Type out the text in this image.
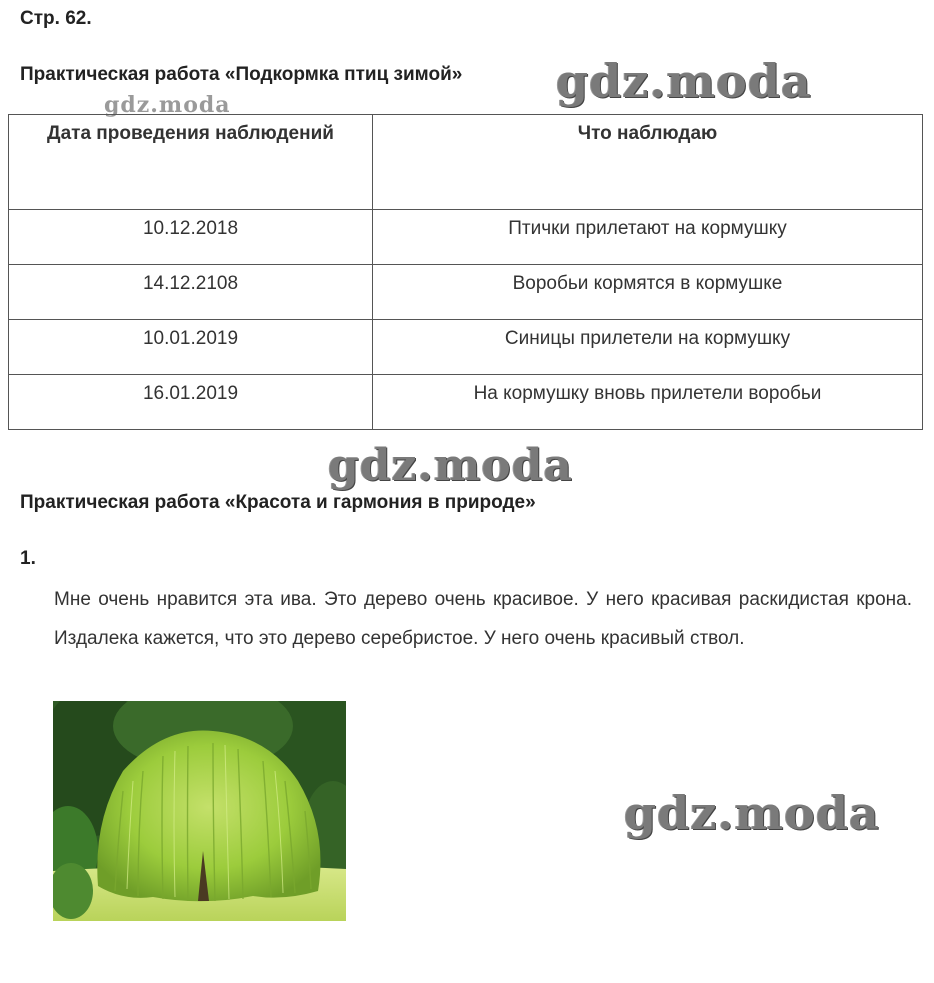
Стр. 62.
Практическая работа «Подкормка птиц зимой» gdz.moda
gdz.moda
Дата проведения наблюдений	Что наблюдаю
10.12.2018	Птички прилетают на кормушку
14.12.2108	Воробьи кормятся в кормушке
10.01.2019	Синицы прилетели на кормушку
16.01.2019	На кормушку вновь прилетели воробьи
gdz.moda
Практическая работа «Красота и гармония в природе»
1.
Мне очень нравится эта ива. Это дерево очень красивое. У него красивая раскидистая крона. Издалека кажется, что это дерево серебристое. У него очень красивый ствол.
gdz.moda
